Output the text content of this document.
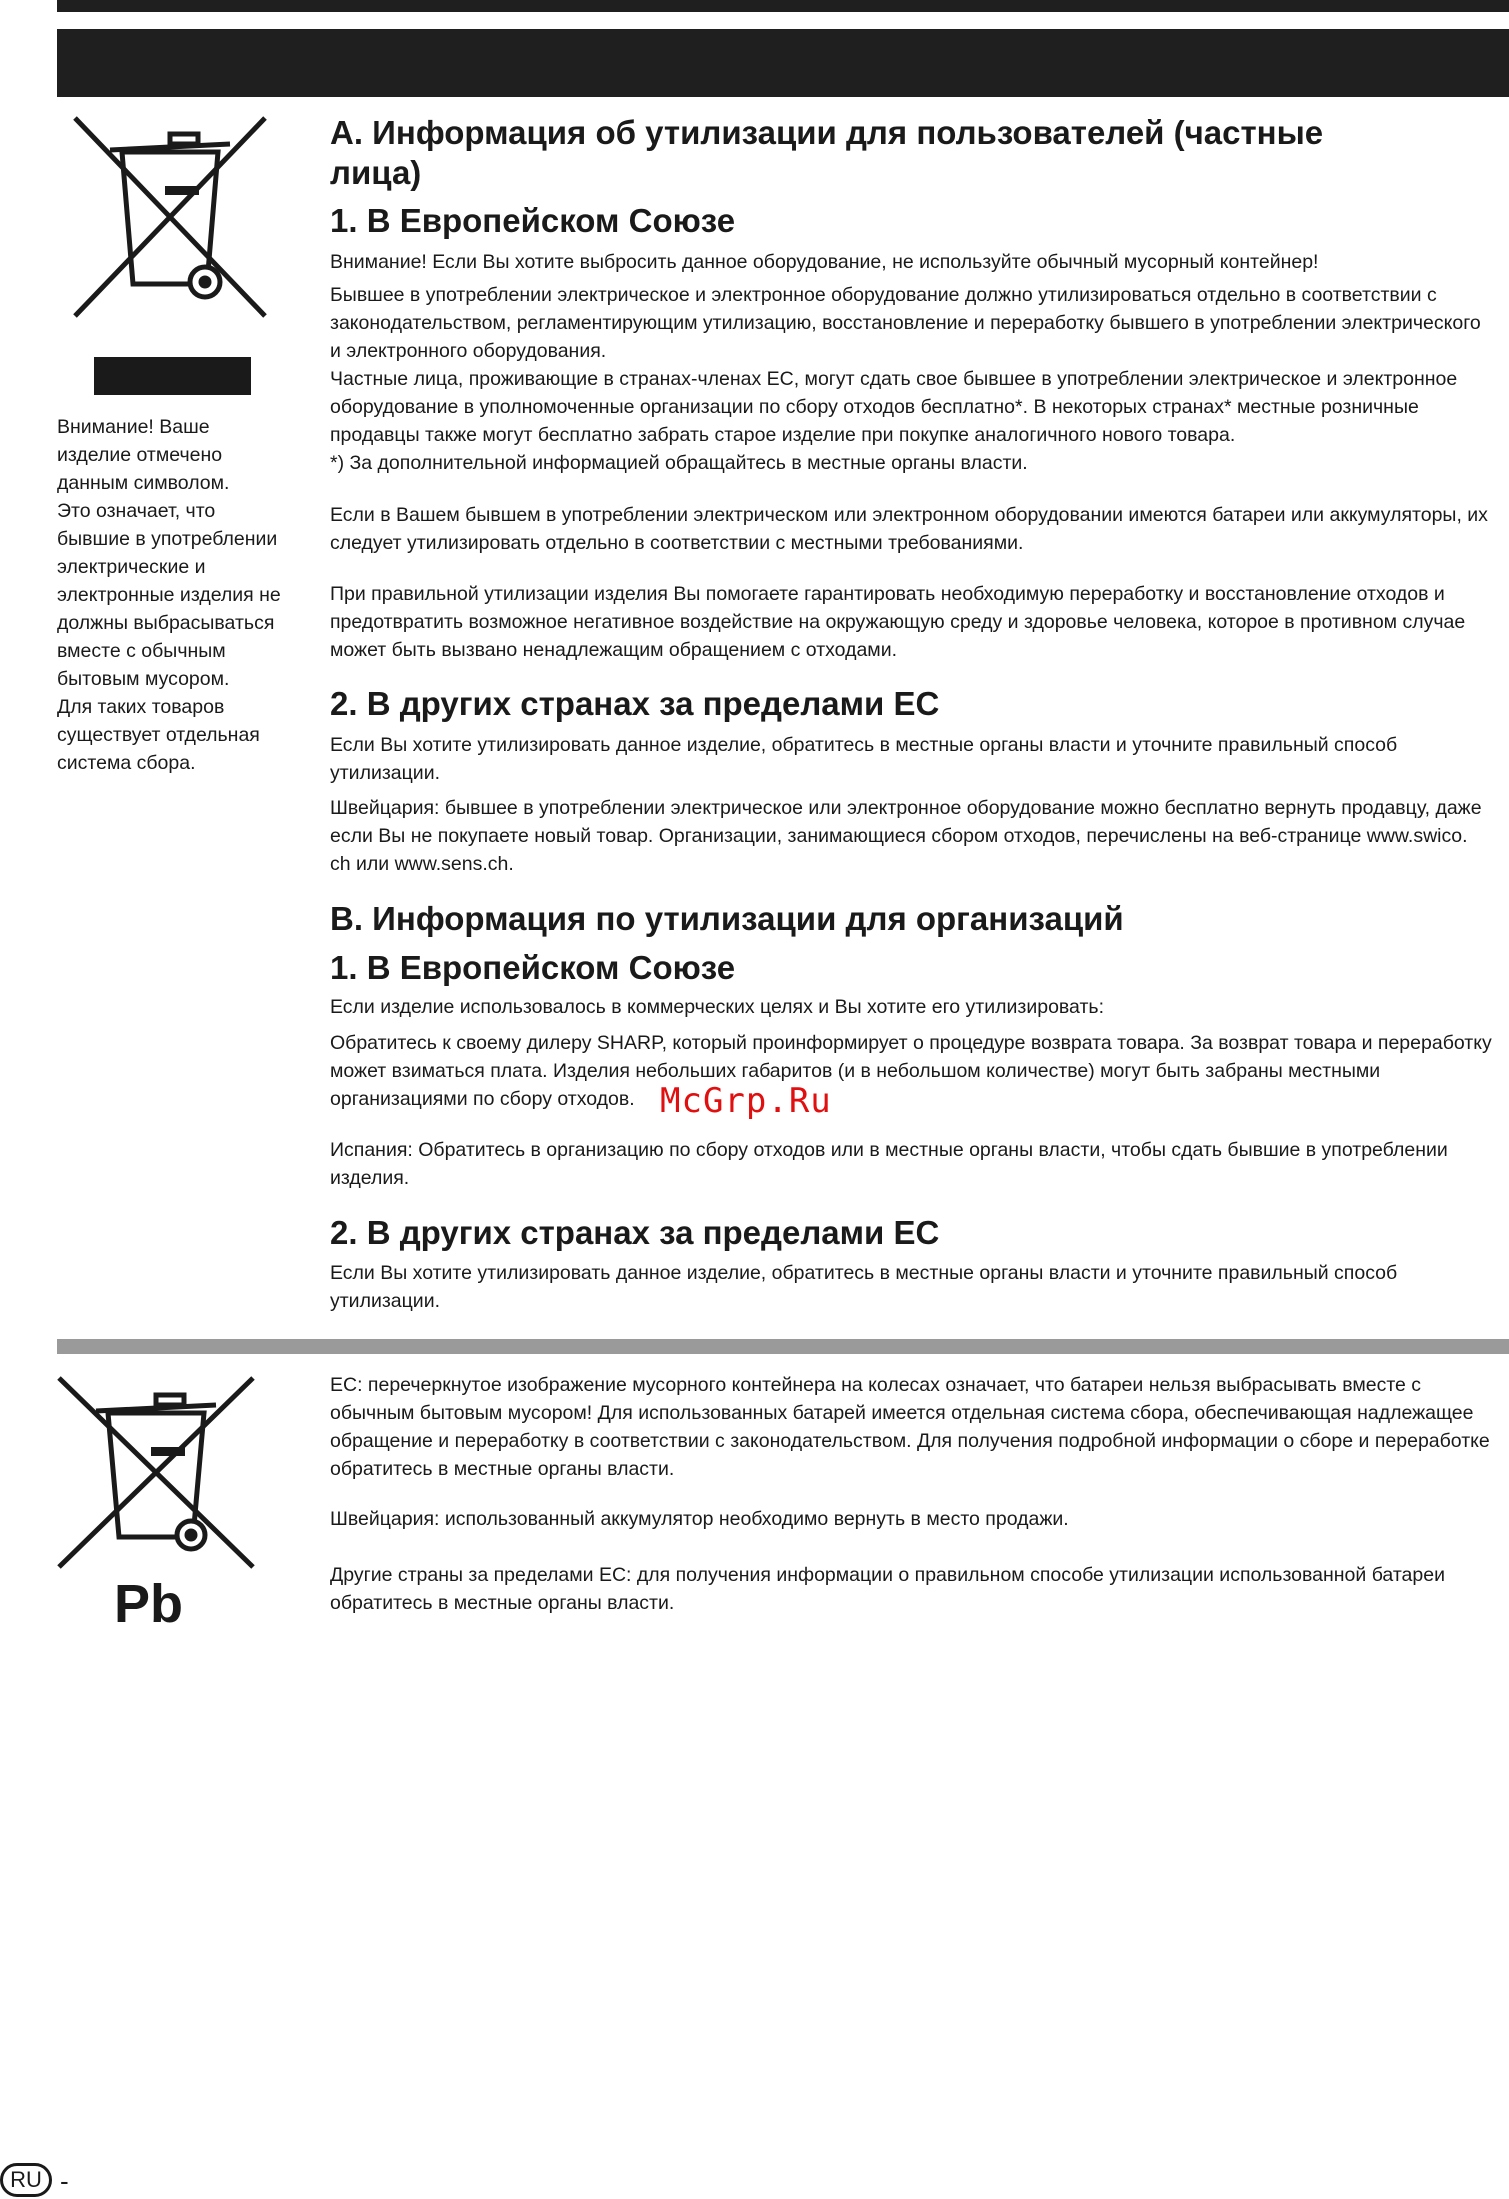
Внимание! Ваше
изделие отмечено
данным символом.
Это означает, что
бывшие в употреблении
электрические и
электронные изделия не
должны выбрасываться
вместе с обычным
бытовым мусором.
Для таких товаров
существует отдельная
система сбора.
A. Информация об утилизации для пользователей (частные
лица)
1. В Европейском Союзе

Внимание! Если Вы хотите выбросить данное оборудование, не используйте обычный мусорный контейнер!

Бывшее в употреблении электрическое и электронное оборудование должно утилизироваться отдельно в соответствии с
законодательством, регламентирующим утилизацию, восстановление и переработку бывшего в употреблении электрического
и электронного оборудования.
Частные лица, проживающие в странах-членах ЕС, могут сдать свое бывшее в употреблении электрическое и электронное
оборудование в уполномоченные организации по сбору отходов бесплатно*. В некоторых странах* местные розничные
продавцы также могут бесплатно забрать старое изделие при покупке аналогичного нового товара.
*) За дополнительной информацией обращайтесь в местные органы власти.

Если в Вашем бывшем в употреблении электрическом или электронном оборудовании имеются батареи или аккумуляторы, их
следует утилизировать отдельно в соответствии с местными требованиями.

При правильной утилизации изделия Вы помогаете гарантировать необходимую переработку и восстановление отходов и
предотвратить возможное негативное воздействие на окружающую среду и здоровье человека, которое в противном случае
может быть вызвано ненадлежащим обращением с отходами.

2. В других странах за пределами ЕС

Если Вы хотите утилизировать данное изделие, обратитесь в местные органы власти и уточните правильный способ
утилизации.

Швейцария: бывшее в употреблении электрическое или электронное оборудование можно бесплатно вернуть продавцу, даже
если Вы не покупаете новый товар. Организации, занимающиеся сбором отходов, перечислены на веб-странице www.swico.
ch или www.sens.ch.

B. Информация по утилизации для организаций
1. В Европейском Союзе

Если изделие использовалось в коммерческих целях и Вы хотите его утилизировать:

Обратитесь к своему дилеру SHARP, который проинформирует о процедуре возврата товара. За возврат товара и переработку
может взиматься плата. Изделия небольших габаритов (и в небольшом количестве) могут быть забраны местными
организациями по сбору отходов. McGrp.Ru

Испания: Обратитесь в организацию по сбору отходов или в местные органы власти, чтобы сдать бывшие в употреблении
изделия.

2. В других странах за пределами ЕС

Если Вы хотите утилизировать данное изделие, обратитесь в местные органы власти и уточните правильный способ
утилизации.

Pb

ЕС: перечеркнутое изображение мусорного контейнера на колесах означает, что батареи нельзя выбрасывать вместе с
обычным бытовым мусором! Для использованных батарей имеется отдельная система сбора, обеспечивающая надлежащее
обращение и переработку в соответствии с законодательством. Для получения подробной информации о сборе и переработке
обратитесь в местные органы власти.

Швейцария: использованный аккумулятор необходимо вернуть в место продажи.

Другие страны за пределами ЕС: для получения информации о правильном способе утилизации использованной батареи
обратитесь в местные органы власти.

RU -
